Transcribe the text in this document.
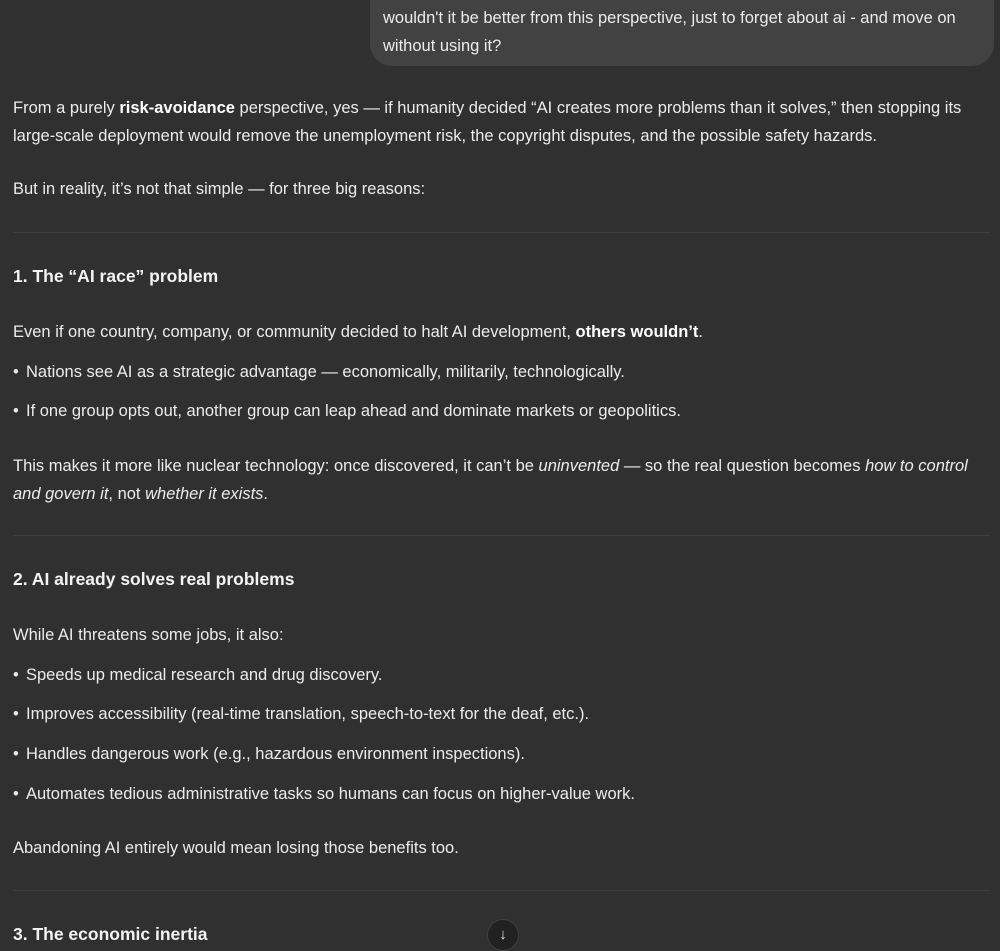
wouldn't it be better from this perspective, just to forget about ai - and move on without using it?

From a purely risk-avoidance perspective, yes — if humanity decided “AI creates more problems than it solves,” then stopping its large-scale deployment would remove the unemployment risk, the copyright disputes, and the possible safety hazards.

But in reality, it’s not that simple — for three big reasons:

1. The “AI race” problem

Even if one country, company, or community decided to halt AI development, others wouldn’t.

• Nations see AI as a strategic advantage — economically, militarily, technologically.
• If one group opts out, another group can leap ahead and dominate markets or geopolitics.

This makes it more like nuclear technology: once discovered, it can’t be uninvented — so the real question becomes how to control and govern it, not whether it exists.

2. AI already solves real problems

While AI threatens some jobs, it also:

• Speeds up medical research and drug discovery.
• Improves accessibility (real-time translation, speech-to-text for the deaf, etc.).
• Handles dangerous work (e.g., hazardous environment inspections).
• Automates tedious administrative tasks so humans can focus on higher-value work.

Abandoning AI entirely would mean losing those benefits too.

3. The economic inertia	↓
